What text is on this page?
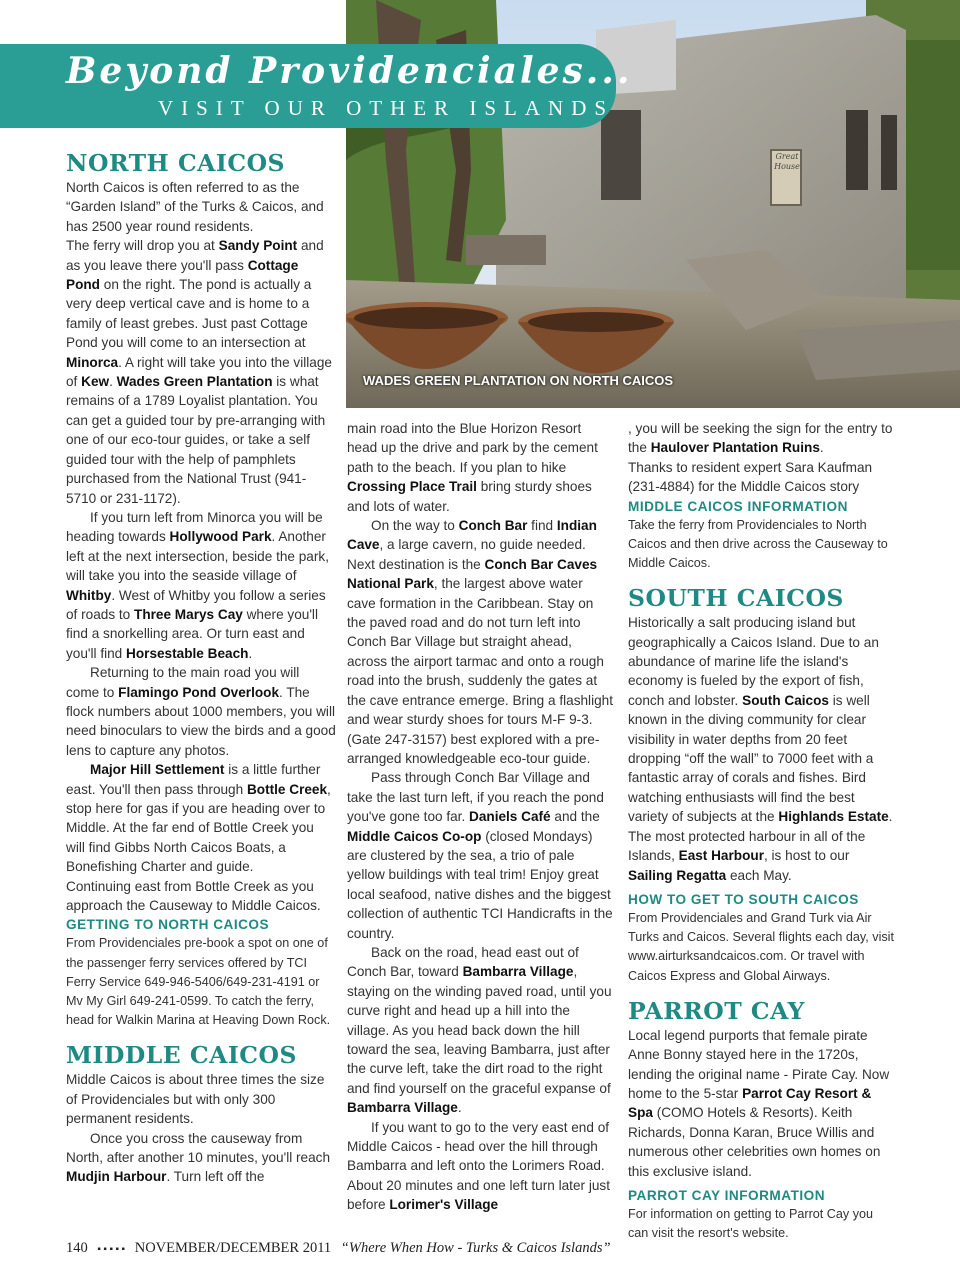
Beyond Providenciales...

VISIT OUR OTHER ISLANDS

WADES GREEN PLANTATION ON NORTH CAICOS

Great House
NORTH CAICOS

North Caicos is often referred to as the “Garden Island” of the Turks & Caicos, and has 2500 year round residents.

The ferry will drop you at Sandy Point and as you leave there you'll pass Cottage Pond on the right. The pond is actually a very deep vertical cave and is home to a family of least grebes. Just past Cottage Pond you will come to an intersection at Minorca. A right will take you into the village of Kew. Wades Green Plantation is what remains of a 1789 Loyalist plantation. You can get a guided tour by pre-arranging with one of our eco-tour guides, or take a self guided tour with the help of pamphlets purchased from the National Trust (941-5710 or 231-1172).

If you turn left from Minorca you will be heading towards Hollywood Park. Another left at the next intersection, beside the park, will take you into the seaside village of Whitby. West of Whitby you follow a series of roads to Three Marys Cay where you'll find a snorkelling area. Or turn east and you'll find Horsestable Beach.

Returning to the main road you will come to Flamingo Pond Overlook. The flock numbers about 1000 members, you will need binoculars to view the birds and a good lens to capture any photos.

Major Hill Settlement is a little further east. You'll then pass through Bottle Creek, stop here for gas if you are heading over to Middle. At the far end of Bottle Creek you will find Gibbs North Caicos Boats, a Bonefishing Charter and guide.

Continuing east from Bottle Creek as you approach the Causeway to Middle Caicos.

GETTING TO NORTH CAICOS

From Providenciales pre-book a spot on one of the passenger ferry services offered by TCI Ferry Service 649-946-5406/649-231-4191 or Mv My Girl 649-241-0599. To catch the ferry, head for Walkin Marina at Heaving Down Rock.

MIDDLE CAICOS

Middle Caicos is about three times the size of Providenciales but with only 300 permanent residents.

Once you cross the causeway from North, after another 10 minutes, you'll reach Mudjin Harbour. Turn left off the

main road into the Blue Horizon Resort head up the drive and park by the cement path to the beach. If you plan to hike Crossing Place Trail bring sturdy shoes and lots of water.

On the way to Conch Bar find Indian Cave, a large cavern, no guide needed. Next destination is the Conch Bar Caves National Park, the largest above water cave formation in the Caribbean. Stay on the paved road and do not turn left into Conch Bar Village but straight ahead, across the airport tarmac and onto a rough road into the brush, suddenly the gates at the cave entrance emerge. Bring a flashlight and wear sturdy shoes for tours M-F 9-3. (Gate 247-3157) best explored with a pre-arranged knowledgeable eco-tour guide.

Pass through Conch Bar Village and take the last turn left, if you reach the pond you've gone too far. Daniels Café and the Middle Caicos Co-op (closed Mondays) are clustered by the sea, a trio of pale yellow buildings with teal trim! Enjoy great local seafood, native dishes and the biggest collection of authentic TCI Handicrafts in the country.

Back on the road, head east out of Conch Bar, toward Bambarra Village, staying on the winding paved road, until you curve right and head up a hill into the village. As you head back down the hill toward the sea, leaving Bambarra, just after the curve left, take the dirt road to the right and find yourself on the graceful expanse of Bambarra Village.

If you want to go to the very east end of Middle Caicos - head over the hill through Bambarra and left onto the Lorimers Road. About 20 minutes and one left turn later just before Lorimer's Village

, you will be seeking the sign for the entry to the Haulover Plantation Ruins.

Thanks to resident expert Sara Kaufman (231-4884) for the Middle Caicos story

MIDDLE CAICOS INFORMATION

Take the ferry from Providenciales to North Caicos and then drive across the Causeway to Middle Caicos.

SOUTH CAICOS

Historically a salt producing island but geographically a Caicos Island. Due to an abundance of marine life the island's economy is fueled by the export of fish, conch and lobster. South Caicos is well known in the diving community for clear visibility in water depths from 20 feet dropping “off the wall” to 7000 feet with a fantastic array of corals and fishes. Bird watching enthusiasts will find the best variety of subjects at the Highlands Estate. The most protected harbour in all of the Islands, East Harbour, is host to our Sailing Regatta each May.

HOW TO GET TO SOUTH CAICOS

From Providenciales and Grand Turk via Air Turks and Caicos. Several flights each day, visit www.airturksandcaicos.com. Or travel with Caicos Express and Global Airways.

PARROT CAY

Local legend purports that female pirate Anne Bonny stayed here in the 1720s, lending the original name - Pirate Cay. Now home to the 5-star Parrot Cay Resort & Spa (COMO Hotels & Resorts). Keith Richards, Donna Karan, Bruce Willis and numerous other celebrities own homes on this exclusive island.

PARROT CAY INFORMATION

For information on getting to Parrot Cay you can visit the resort's website.

140 ▪ ▪ ▪ ▪ ▪ NOVEMBER/DECEMBER 2011 “Where When How - Turks & Caicos Islands”
